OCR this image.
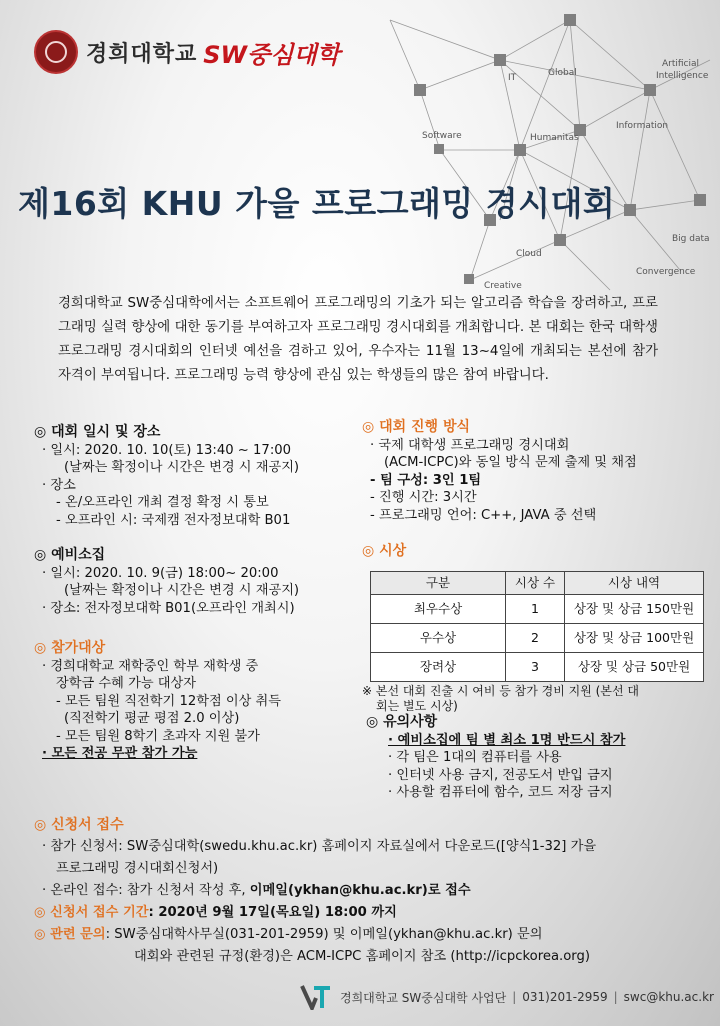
IT	Global
Artificial
Intelligence
Software	Humanitas
Information
Big data
Cloud
Convergence
Creative
경희대학교 SW중심대학
제16회 KHU 가을 프로그래밍 경시대회
경희대학교 SW중심대학에서는 소프트웨어 프로그래밍의 기초가 되는 알고리즘 학습을 장려하고, 프로그래밍 실력 향상에 대한 동기를 부여하고자 프로그래밍 경시대회를 개최합니다. 본 대회는 한국 대학생 프로그래밍 경시대회의 인터넷 예선을 겸하고 있어, 우수자는 11월 13~4일에 개최되는 본선에 참가 자격이 부여됩니다. 프로그래밍 능력 향상에 관심 있는 학생들의 많은 참여 바랍니다.
◎ 대회 일시 및 장소
· 일시: 2020. 10. 10(토) 13:40 ~ 17:00
(날짜는 확정이나 시간은 변경 시 재공지)
· 장소
- 온/오프라인 개최 결정 확정 시 통보
- 오프라인 시: 국제캠 전자정보대학 B01
◎ 예비소집
· 일시: 2020. 10. 9(금) 18:00~ 20:00
(날짜는 확정이나 시간은 변경 시 재공지)
· 장소: 전자정보대학 B01(오프라인 개최시)
◎ 참가대상
· 경희대학교 재학중인 학부 재학생 중
장학금 수혜 가능 대상자
- 모든 팀원 직전학기 12학점 이상 취득
(직전학기 평균 평점 2.0 이상)
- 모든 팀원 8학기 초과자 지원 불가
· 모든 전공 무관 참가 가능
◎ 대회 진행 방식
· 국제 대학생 프로그래밍 경시대회
(ACM-ICPC)와 동일 방식 문제 출제 및 채점
- 팀 구성: 3인 1팀
- 진행 시간: 3시간
- 프로그래밍 언어: C++, JAVA 중 선택
◎ 시상
구분	시상 수	시상 내역
최우수상	1	상장 및 상금 150만원
우수상	2	상장 및 상금 100만원
장려상	3	상장 및 상금 50만원
※ 본선 대회 진출 시 여비 등 참가 경비 지원 (본선 대
회는 별도 시상)
◎ 유의사항
· 예비소집에 팀 별 최소 1명 반드시 참가
· 각 팀은 1대의 컴퓨터를 사용
· 인터넷 사용 금지, 전공도서 반입 금지
· 사용할 컴퓨터에 함수, 코드 저장 금지
◎ 신청서 접수
· 참가 신청서: SW중심대학(swedu.khu.ac.kr) 홈페이지 자료실에서 다운로드([양식1-32] 가을
프로그래밍 경시대회신청서)
· 온라인 접수: 참가 신청서 작성 후, 이메일(ykhan@khu.ac.kr)로 접수
◎ 신청서 접수 기간: 2020년 9월 17일(목요일) 18:00 까지
◎ 관련 문의: SW중심대학사무실(031-201-2959) 및 이메일(ykhan@khu.ac.kr) 문의
대회와 관련된 규정(환경)은 ACM-ICPC 홈페이지 참조 (http://icpckorea.org)
경희대학교 SW중심대학 사업단 | 031)201-2959 | swc@khu.ac.kr
